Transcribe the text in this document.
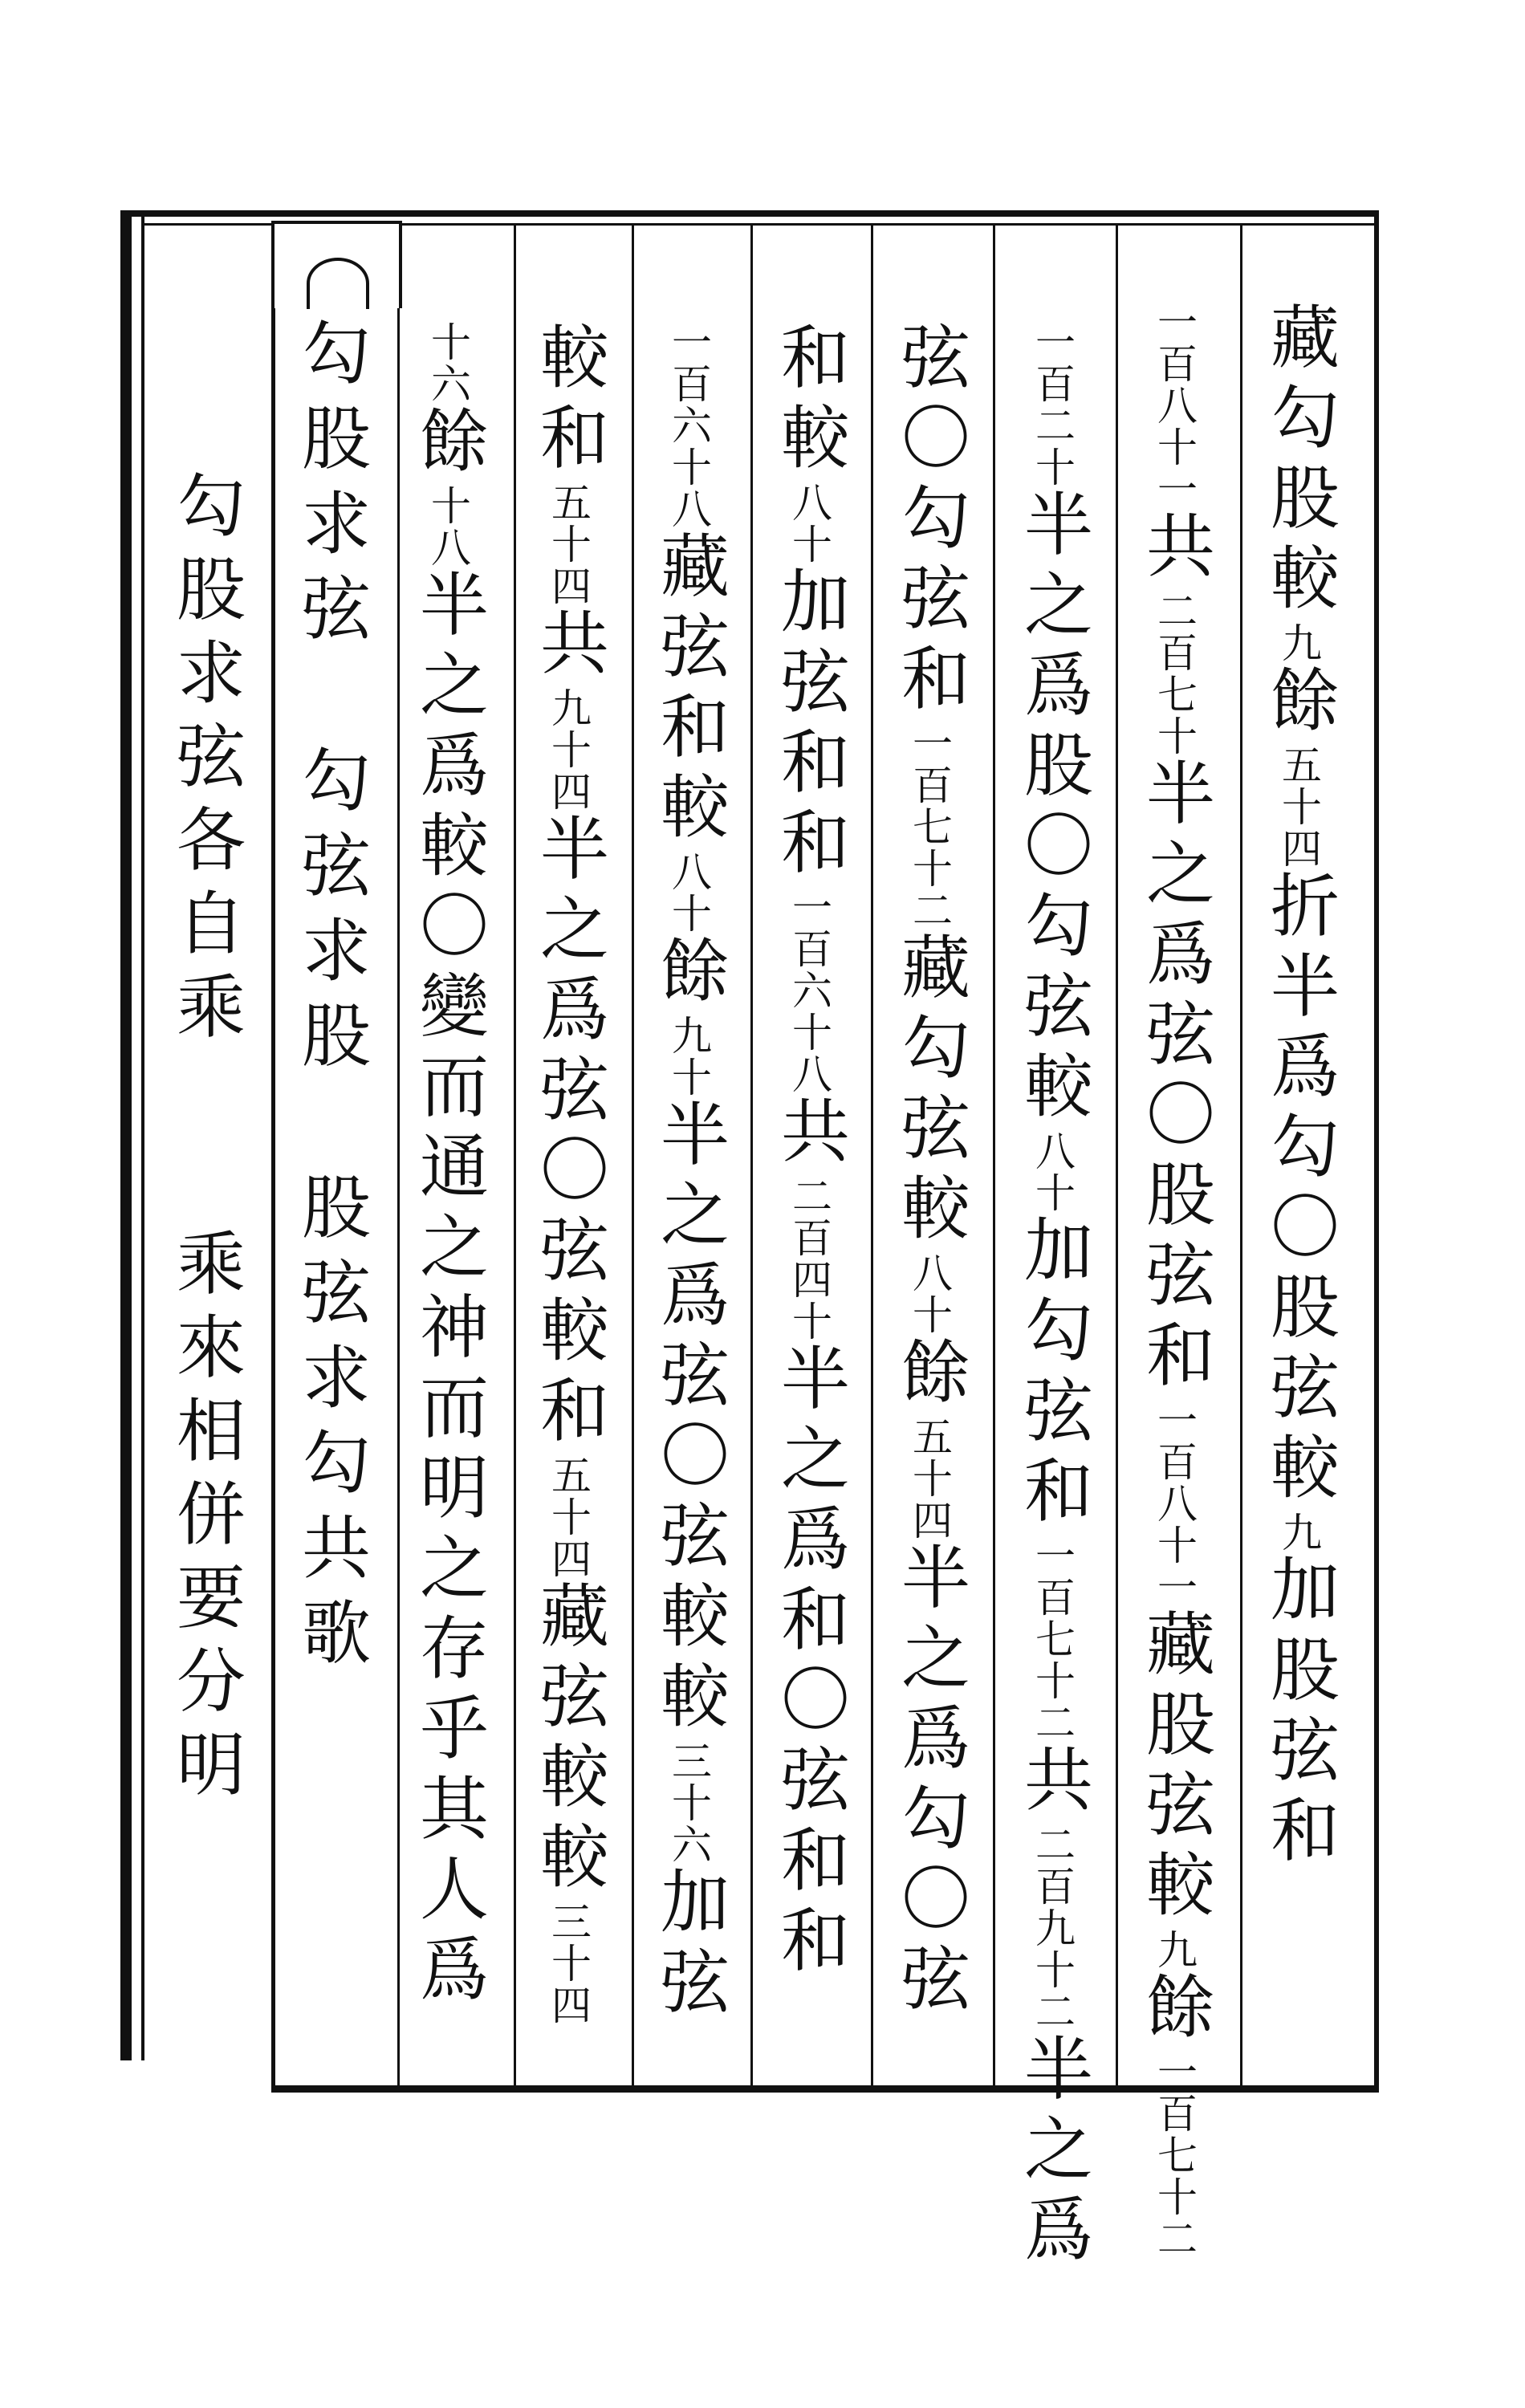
藏勾股較九餘五十四折半爲勾〇股弦較九加股弦和
一百八十一共二百七十半之爲弦〇股弦和一百八十一藏股弦較九餘一百七十二
一百二十半之爲股〇勾弦較八十加勾弦和一百七十二共二百九十二半之爲
弦〇勾弦和一百七十二藏勾弦較八十餘五十四半之爲勾〇弦
和較八十加弦和和一百六十八共二百四十半之爲和〇弦和和
一百六十八藏弦和較八十餘九十半之爲弦〇弦較較三十六加弦
較和五十四共九十四半之爲弦〇弦較和五十四藏弦較較三十四
十六餘十八半之爲較〇變而通之神而明之存乎其人爲
勾股求弦　勾弦求股　股弦求勾共歌
勾股求弦各自乘　　乘來相併要分明
